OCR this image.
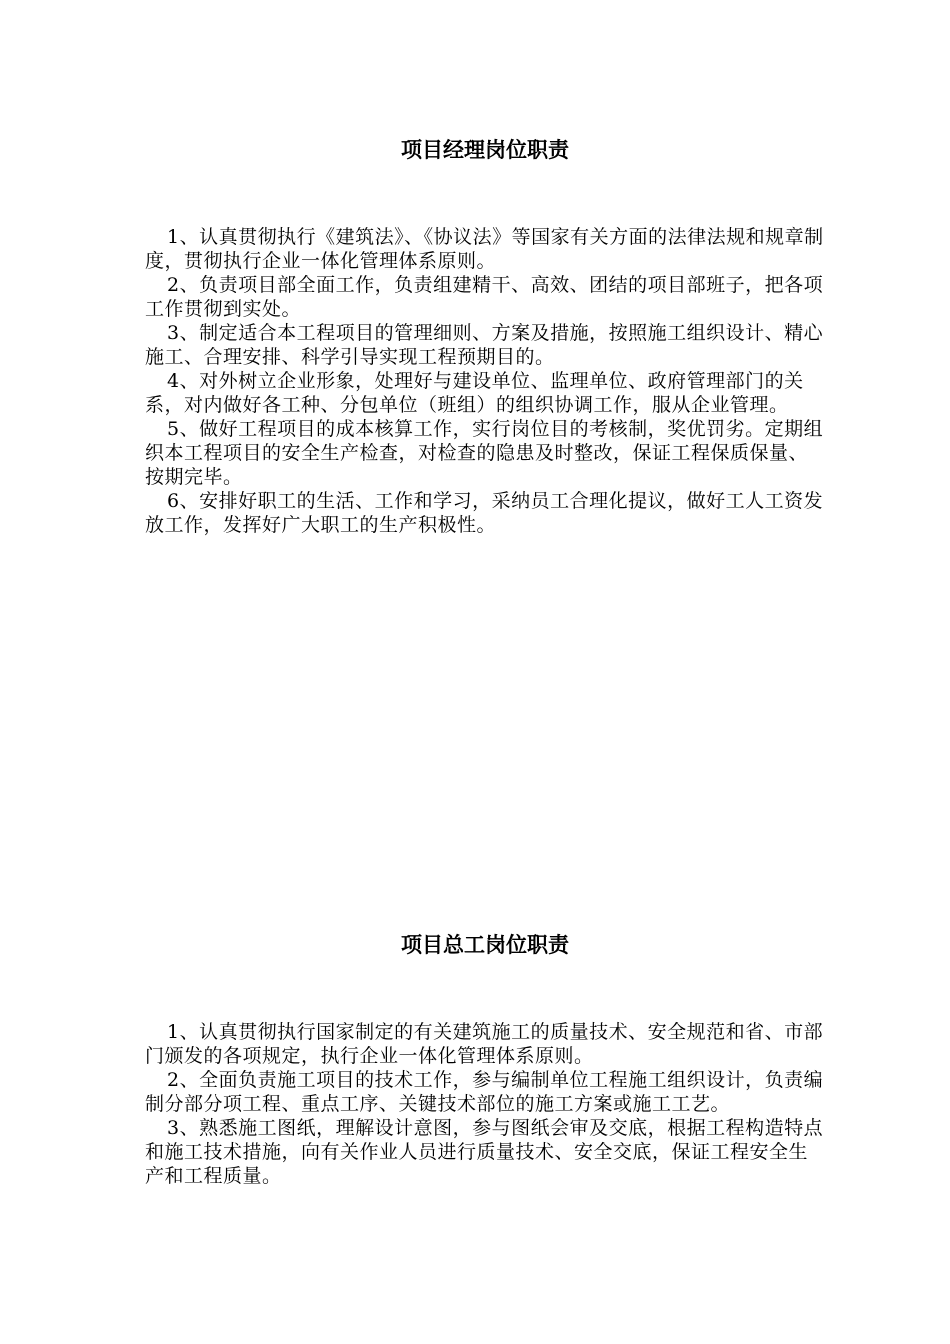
项目经理岗位职责

1、认真贯彻执行《建筑法》、《协议法》等国家有关方面的法律法规和规章制度，贯彻执行企业一体化管理体系原则。

2、负责项目部全面工作，负责组建精干、高效、团结的项目部班子，把各项工作贯彻到实处。

3、制定适合本工程项目的管理细则、方案及措施，按照施工组织设计、精心施工、合理安排、科学引导实现工程预期目的。

4、对外树立企业形象，处理好与建设单位、监理单位、政府管理部门的关系，对内做好各工种、分包单位（班组）的组织协调工作，服从企业管理。

5、做好工程项目的成本核算工作，实行岗位目的考核制，奖优罚劣。定期组织本工程项目的安全生产检查，对检查的隐患及时整改，保证工程保质保量、按期完毕。

6、安排好职工的生活、工作和学习，采纳员工合理化提议，做好工人工资发放工作，发挥好广大职工的生产积极性。

项目总工岗位职责

1、认真贯彻执行国家制定的有关建筑施工的质量技术、安全规范和省、市部门颁发的各项规定，执行企业一体化管理体系原则。

2、全面负责施工项目的技术工作，参与编制单位工程施工组织设计，负责编制分部分项工程、重点工序、关键技术部位的施工方案或施工工艺。

3、熟悉施工图纸，理解设计意图，参与图纸会审及交底，根据工程构造特点和施工技术措施，向有关作业人员进行质量技术、安全交底，保证工程安全生产和工程质量。
